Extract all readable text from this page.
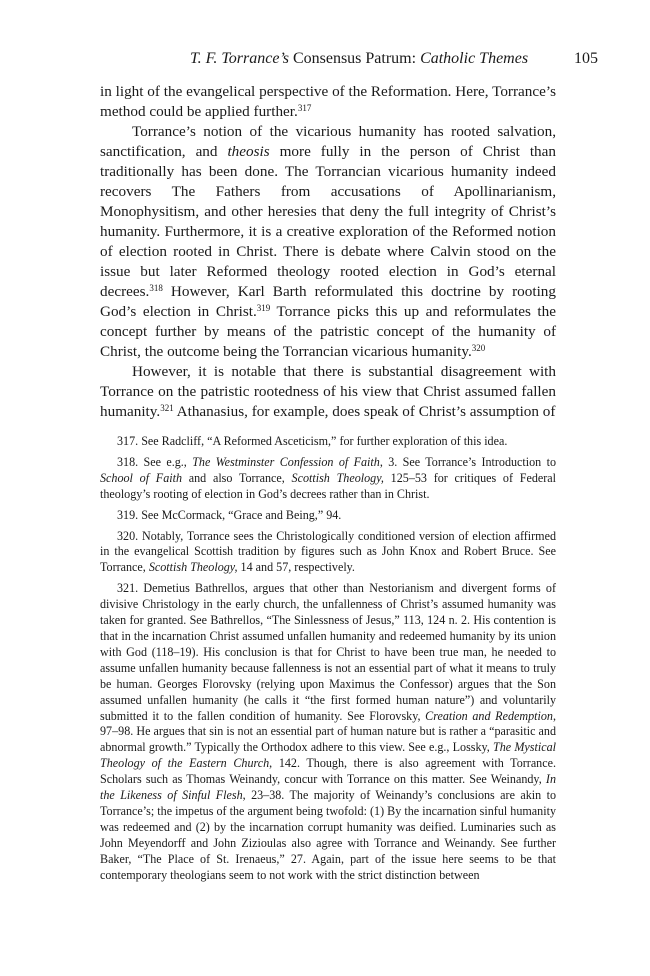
T. F. Torrance’s Consensus Patrum: Catholic Themes	105

in light of the evangelical perspective of the Reformation. Here, Torrance’s method could be applied further.$^{317}$

Torrance’s notion of the vicarious humanity has rooted salvation, sanctification, and theosis more fully in the person of Christ than traditionally has been done. The Torrancian vicarious humanity indeed recovers The Fathers from accusations of Apollinarianism, Monophysitism, and other heresies that deny the full integrity of Christ’s humanity. Furthermore, it is a creative exploration of the Reformed notion of election rooted in Christ. There is debate where Calvin stood on the issue but later Reformed theology rooted election in God’s eternal decrees.$^{318}$ However, Karl Barth reformulated this doctrine by rooting God’s election in Christ.$^{319}$ Torrance picks this up and reformulates the concept further by means of the patristic concept of the humanity of Christ, the outcome being the Torrancian vicarious humanity.$^{320}$

However, it is notable that there is substantial disagreement with Torrance on the patristic rootedness of his view that Christ assumed fallen humanity.$^{321}$ Athanasius, for example, does speak of Christ’s assumption of

317. See Radcliff, “A Reformed Asceticism,” for further exploration of this idea.

318. See e.g., The Westminster Confession of Faith, 3. See Torrance’s Introduction to School of Faith and also Torrance, Scottish Theology, 125–53 for critiques of Federal theology’s rooting of election in God’s decrees rather than in Christ.

319. See McCormack, “Grace and Being,” 94.

320. Notably, Torrance sees the Christologically conditioned version of election affirmed in the evangelical Scottish tradition by figures such as John Knox and Robert Bruce. See Torrance, Scottish Theology, 14 and 57, respectively.

321. Demetius Bathrellos, argues that other than Nestorianism and divergent forms of divisive Christology in the early church, the unfallenness of Christ’s assumed humanity was taken for granted. See Bathrellos, “The Sinlessness of Jesus,” 113, 124 n. 2. His contention is that in the incarnation Christ assumed unfallen humanity and redeemed humanity by its union with God (118–19). His conclusion is that for Christ to have been true man, he needed to assume unfallen humanity because fallenness is not an essential part of what it means to truly be human. Georges Florovsky (relying upon Maximus the Confessor) argues that the Son assumed unfallen humanity (he calls it “the first formed human nature”) and voluntarily submitted it to the fallen condition of humanity. See Florovsky, Creation and Redemption, 97–98. He argues that sin is not an essential part of human nature but is rather a “parasitic and abnormal growth.” Typically the Orthodox adhere to this view. See e.g., Lossky, The Mystical Theology of the Eastern Church, 142. Though, there is also agreement with Torrance. Scholars such as Thomas Weinandy, concur with Torrance on this matter. See Weinandy, In the Likeness of Sinful Flesh, 23–38. The majority of Weinandy’s conclusions are akin to Torrance’s; the impetus of the argument being twofold: (1) By the incarnation sinful humanity was redeemed and (2) by the incarnation corrupt humanity was deified. Luminaries such as John Meyendorff and John Zizioulas also agree with Torrance and Weinandy. See further Baker, “The Place of St. Irenaeus,” 27. Again, part of the issue here seems to be that contemporary theologians seem to not work with the strict distinction between
